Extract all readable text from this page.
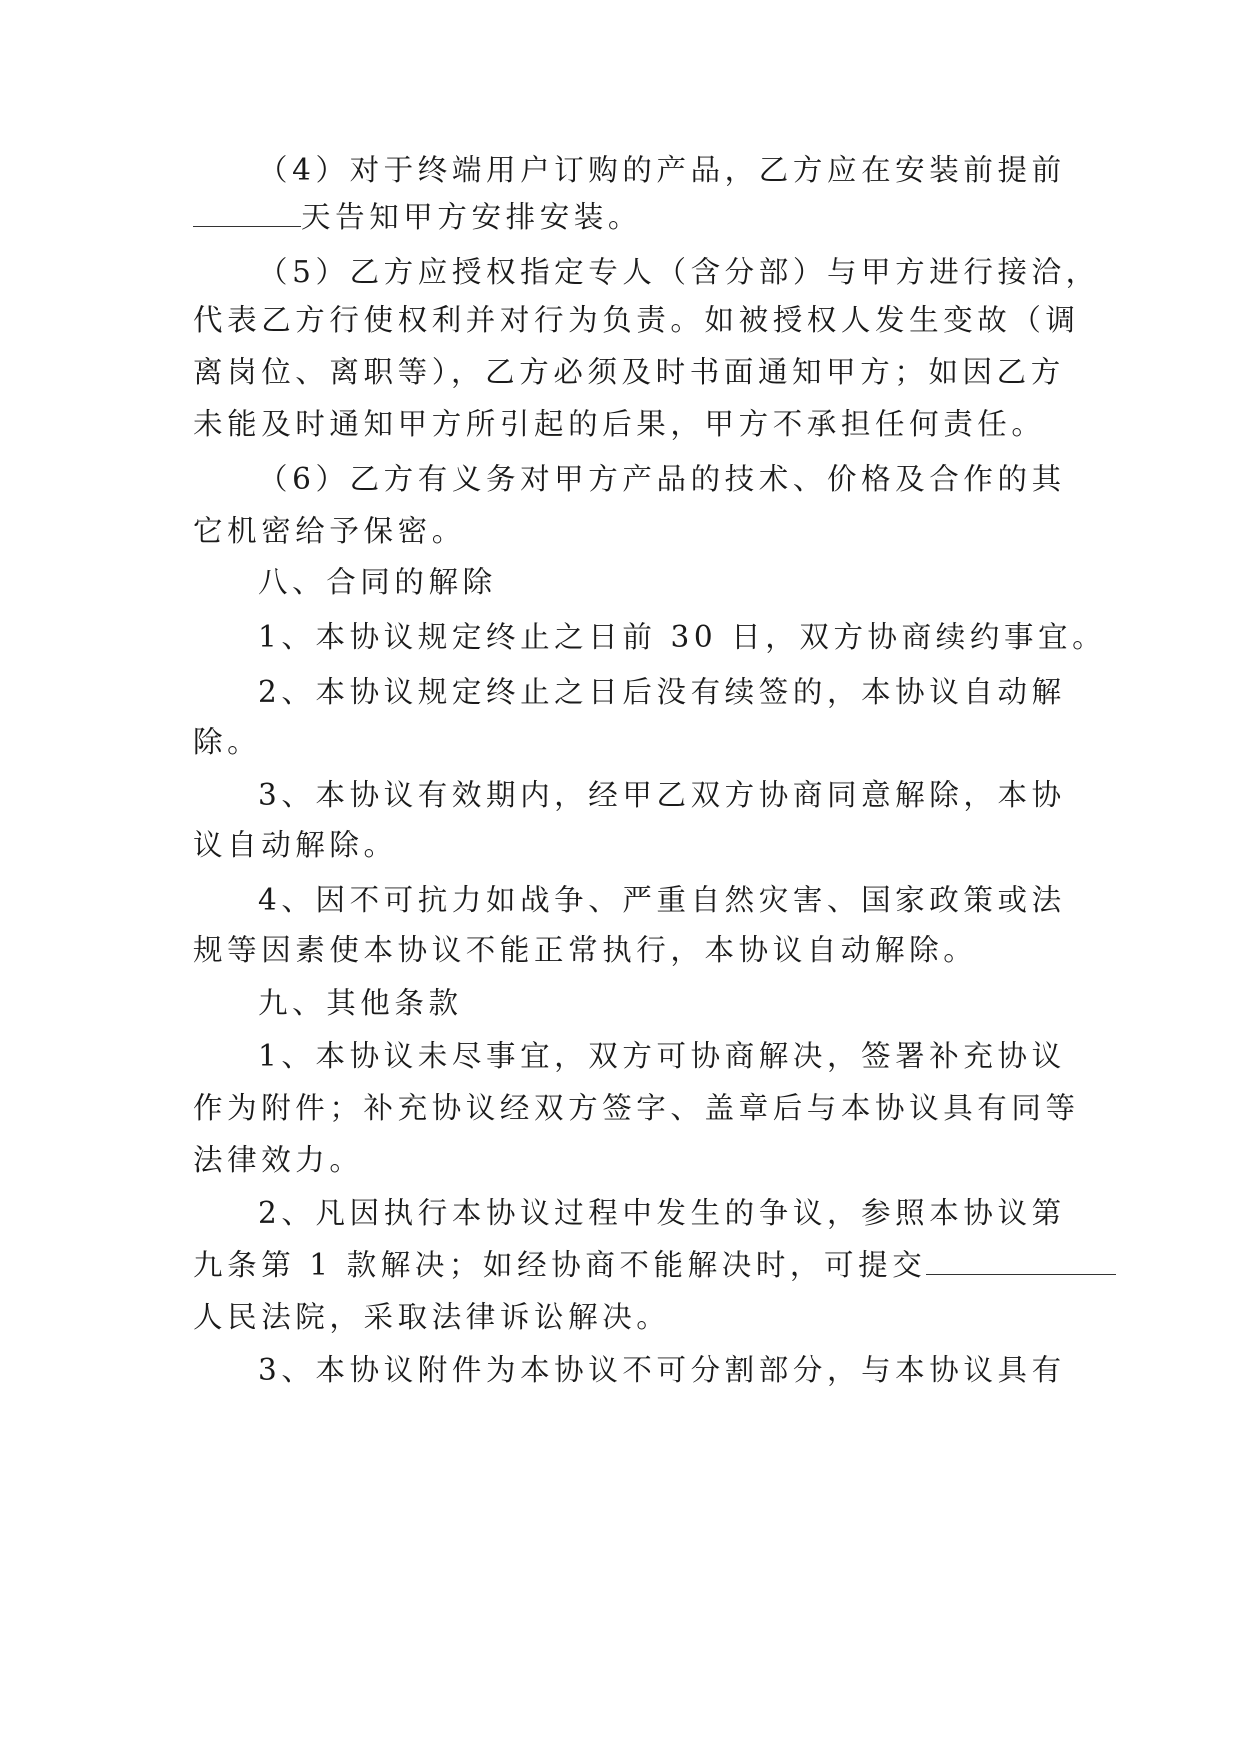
（4）对于终端用户订购的产品，乙方应在安装前提前
天告知甲方安排安装。
（5）乙方应授权指定专人（含分部）与甲方进行接洽，
代表乙方行使权利并对行为负责。如被授权人发生变故（调
离岗位、离职等），乙方必须及时书面通知甲方；如因乙方
未能及时通知甲方所引起的后果，甲方不承担任何责任。
（6）乙方有义务对甲方产品的技术、价格及合作的其
它机密给予保密。
八、合同的解除
1、本协议规定终止之日前 30 日，双方协商续约事宜。
2、本协议规定终止之日后没有续签的，本协议自动解
除。
3、本协议有效期内，经甲乙双方协商同意解除，本协
议自动解除。
4、因不可抗力如战争、严重自然灾害、国家政策或法
规等因素使本协议不能正常执行，本协议自动解除。
九、其他条款
1、本协议未尽事宜，双方可协商解决，签署补充协议
作为附件；补充协议经双方签字、盖章后与本协议具有同等
法律效力。
2、凡因执行本协议过程中发生的争议，参照本协议第
九条第 1 款解决；如经协商不能解决时，可提交
人民法院，采取法律诉讼解决。
3、本协议附件为本协议不可分割部分，与本协议具有
